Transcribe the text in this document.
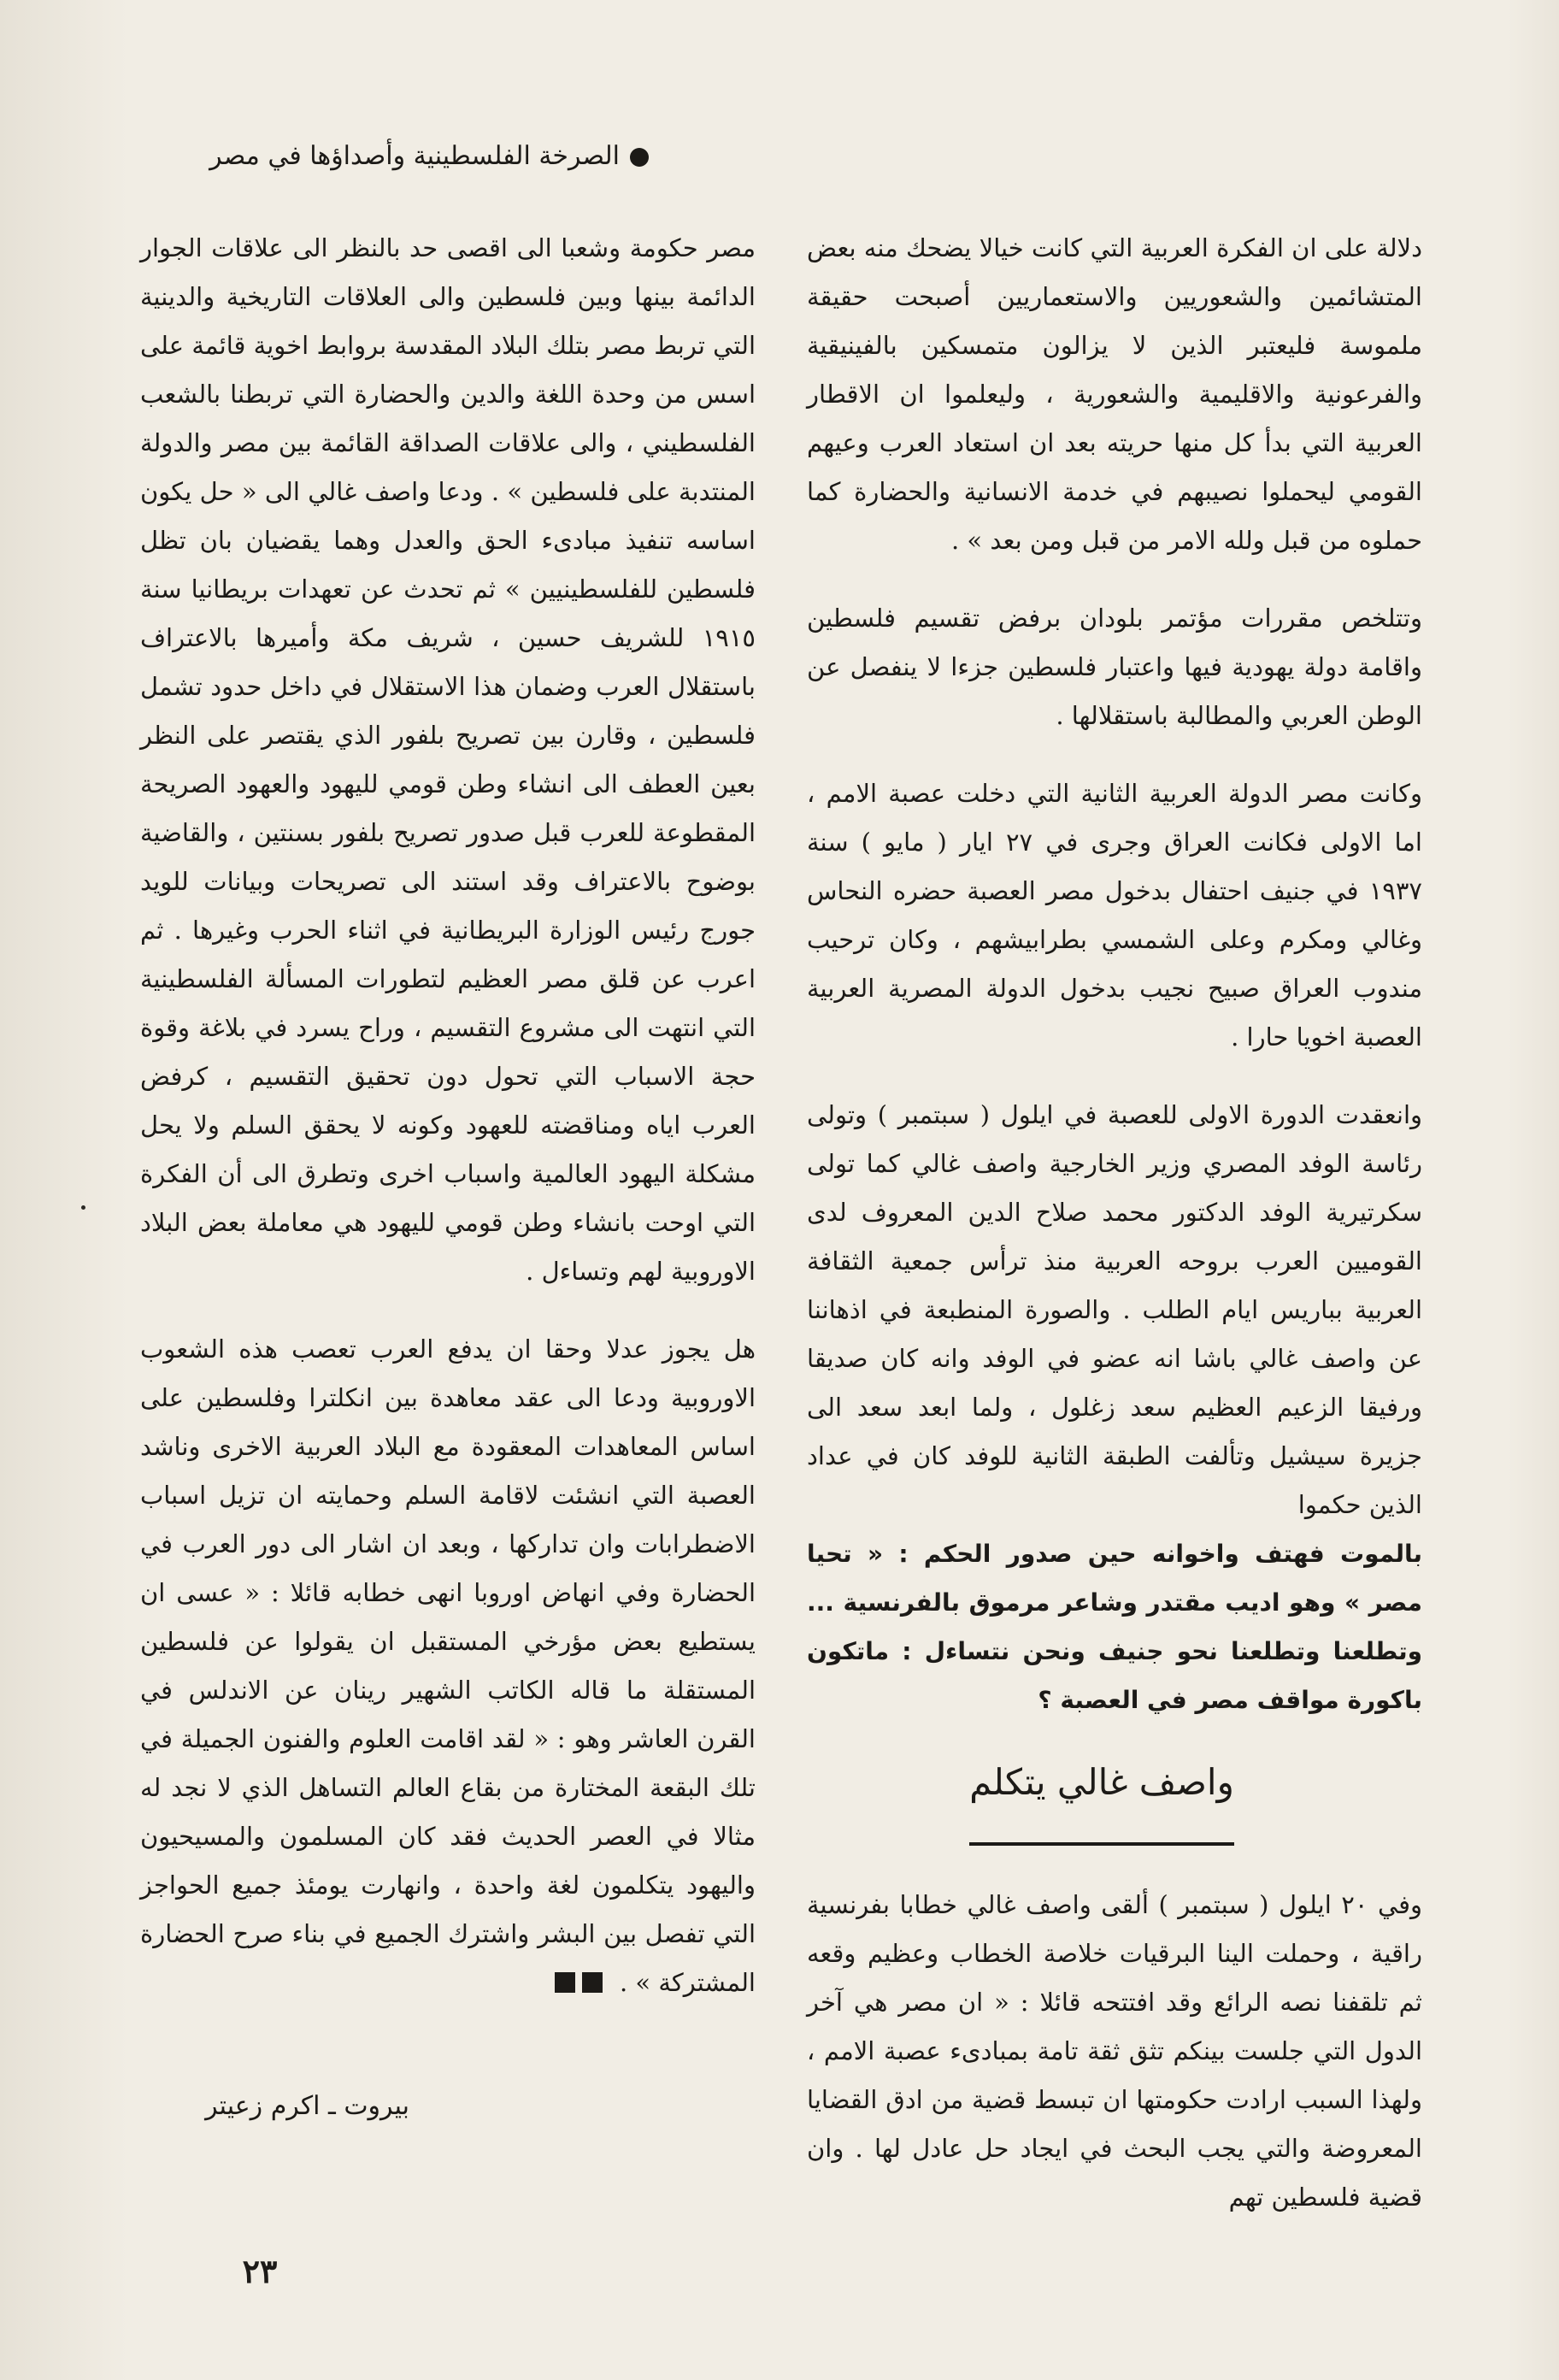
الصرخة الفلسطينية وأصداؤها في مصر

دلالة على ان الفكرة العربية التي كانت خيالا يضحك منه بعض المتشائمين والشعوريين والاستعماريين أصبحت حقيقة ملموسة فليعتبر الذين لا يزالون متمسكين بالفينيقية والفرعونية والاقليمية والشعورية ، وليعلموا ان الاقطار العربية التي بدأ كل منها حريته بعد ان استعاد العرب وعيهم القومي ليحملوا نصيبهم في خدمة الانسانية والحضارة كما حملوه من قبل ولله الامر من قبل ومن بعد » .

وتتلخص مقررات مؤتمر بلودان برفض تقسيم فلسطين واقامة دولة يهودية فيها واعتبار فلسطين جزءا لا ينفصل عن الوطن العربي والمطالبة باستقلالها .

وكانت مصر الدولة العربية الثانية التي دخلت عصبة الامم ، اما الاولى فكانت العراق وجرى في ٢٧ ايار ( مايو ) سنة ١٩٣٧ في جنيف احتفال بدخول مصر العصبة حضره النحاس وغالي ومكرم وعلى الشمسي بطرابيشهم ، وكان ترحيب مندوب العراق صبيح نجيب بدخول الدولة المصرية العربية العصبة اخويا حارا .

وانعقدت الدورة الاولى للعصبة في ايلول ( سبتمبر ) وتولى رئاسة الوفد المصري وزير الخارجية واصف غالي كما تولى سكرتيرية الوفد الدكتور محمد صلاح الدين المعروف لدى القوميين العرب بروحه العربية منذ ترأس جمعية الثقافة العربية بباريس ايام الطلب . والصورة المنطبعة في اذهاننا عن واصف غالي باشا انه عضو في الوفد وانه كان صديقا ورفيقا الزعيم العظيم سعد زغلول ، ولما ابعد سعد الى جزيرة سيشيل وتألفت الطبقة الثانية للوفد كان في عداد الذين حكموا

بالموت فهتف واخوانه حين صدور الحكم : « تحيا مصر » وهو اديب مقتدر وشاعر مرموق بالفرنسية ... وتطلعنا وتطلعنا نحو جنيف ونحن نتساءل : ماتكون باكورة مواقف مصر في العصبة ؟

واصف غالي يتكلم

وفي ٢٠ ايلول ( سبتمبر ) ألقى واصف غالي خطابا بفرنسية راقية ، وحملت الينا البرقيات خلاصة الخطاب وعظيم وقعه ثم تلقفنا نصه الرائع وقد افتتحه قائلا : « ان مصر هي آخر الدول التي جلست بينكم تثق ثقة تامة بمبادىء عصبة الامم ، ولهذا السبب ارادت حكومتها ان تبسط قضية من ادق القضايا المعروضة والتي يجب البحث في ايجاد حل عادل لها . وان قضية فلسطين تهم

مصر حكومة وشعبا الى اقصى حد بالنظر الى علاقات الجوار الدائمة بينها وبين فلسطين والى العلاقات التاريخية والدينية التي تربط مصر بتلك البلاد المقدسة بروابط اخوية قائمة على اسس من وحدة اللغة والدين والحضارة التي تربطنا بالشعب الفلسطيني ، والى علاقات الصداقة القائمة بين مصر والدولة المنتدبة على فلسطين » . ودعا واصف غالي الى « حل يكون اساسه تنفيذ مبادىء الحق والعدل وهما يقضيان بان تظل فلسطين للفلسطينيين » ثم تحدث عن تعهدات بريطانيا سنة ١٩١٥ للشريف حسين ، شريف مكة وأميرها بالاعتراف باستقلال العرب وضمان هذا الاستقلال في داخل حدود تشمل فلسطين ، وقارن بين تصريح بلفور الذي يقتصر على النظر بعين العطف الى انشاء وطن قومي لليهود والعهود الصريحة المقطوعة للعرب قبل صدور تصريح بلفور بسنتين ، والقاضية بوضوح بالاعتراف وقد استند الى تصريحات وبيانات للويد جورج رئيس الوزارة البريطانية في اثناء الحرب وغيرها . ثم اعرب عن قلق مصر العظيم لتطورات المسألة الفلسطينية التي انتهت الى مشروع التقسيم ، وراح يسرد في بلاغة وقوة حجة الاسباب التي تحول دون تحقيق التقسيم ، كرفض العرب اياه ومناقضته للعهود وكونه لا يحقق السلم ولا يحل مشكلة اليهود العالمية واسباب اخرى وتطرق الى أن الفكرة التي اوحت بانشاء وطن قومي لليهود هي معاملة بعض البلاد الاوروبية لهم وتساءل .

هل يجوز عدلا وحقا ان يدفع العرب تعصب هذه الشعوب الاوروبية ودعا الى عقد معاهدة بين انكلترا وفلسطين على اساس المعاهدات المعقودة مع البلاد العربية الاخرى وناشد العصبة التي انشئت لاقامة السلم وحمايته ان تزيل اسباب الاضطرابات وان تداركها ، وبعد ان اشار الى دور العرب في الحضارة وفي انهاض اوروبا انهى خطابه قائلا : « عسى ان يستطيع بعض مؤرخي المستقبل ان يقولوا عن فلسطين المستقلة ما قاله الكاتب الشهير رينان عن الاندلس في القرن العاشر وهو : « لقد اقامت العلوم والفنون الجميلة في تلك البقعة المختارة من بقاع العالم التساهل الذي لا نجد له مثالا في العصر الحديث فقد كان المسلمون والمسيحيون واليهود يتكلمون لغة واحدة ، وانهارت يومئذ جميع الحواجز التي تفصل بين البشر واشترك الجميع في بناء صرح الحضارة المشتركة » .

بيروت ـ اكرم زعيتر
٢٣
